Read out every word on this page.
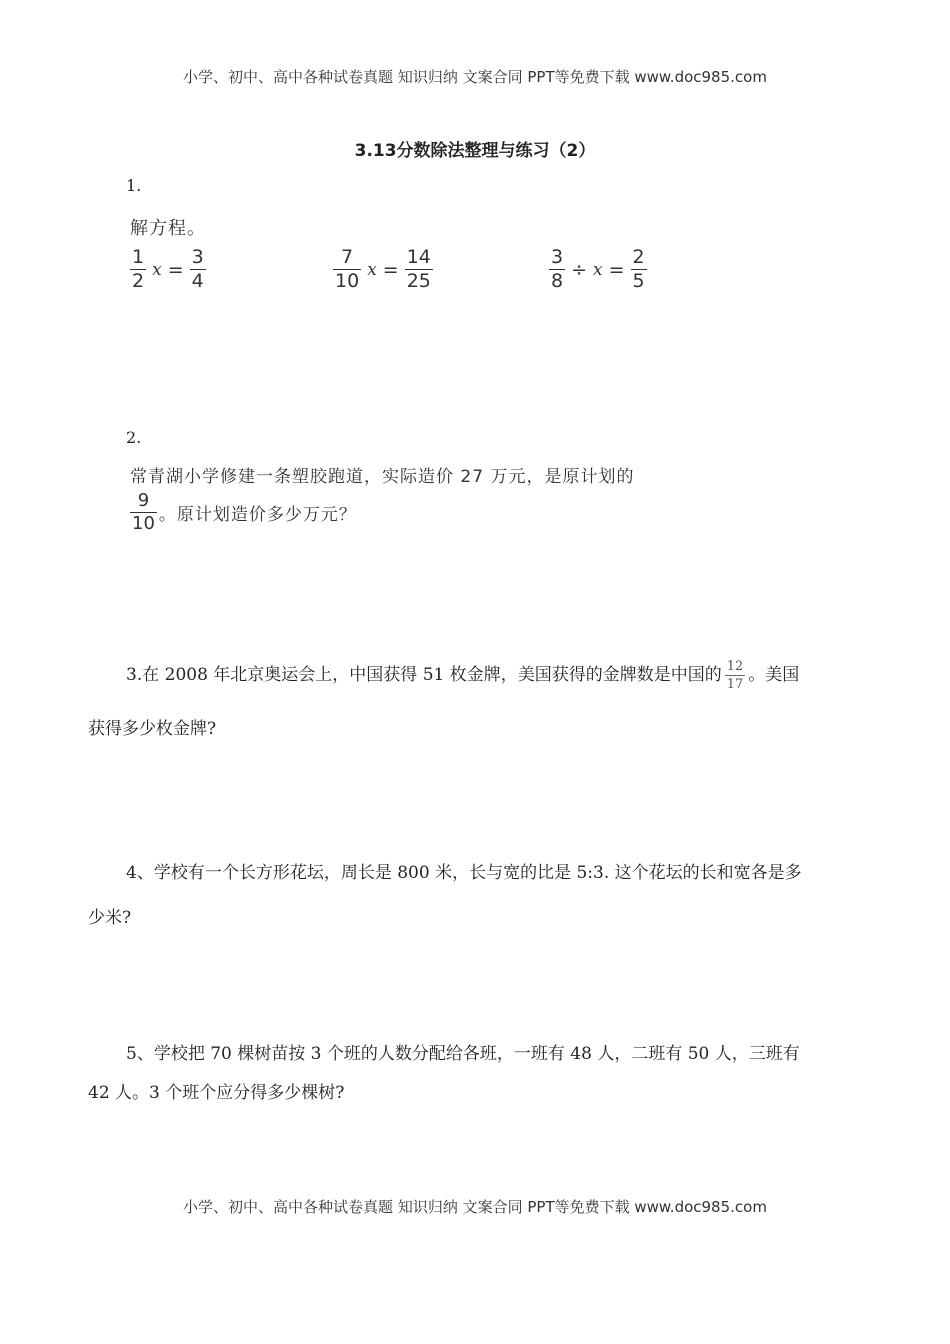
小学、初中、高中各种试卷真题 知识归纳 文案合同 PPT等免费下载 www.doc985.com
3.13分数除法整理与练习（2）
1.
解方程。
$\frac{1}{2}$ $x = \frac{3}{4}$	$\frac{7}{10}$ $x = \frac{14}{25}$	$\frac{3}{8} \div x = \frac{2}{5}$
2.
常青湖小学修建一条塑胶跑道，实际造价 27 万元，是原计划的
$\frac{9}{10}$ 。原计划造价多少万元？
3.在 2008 年北京奥运会上，中国获得 51 枚金牌，美国获得的金牌数是中国的 $\frac{12}{17}$ 。美国
获得多少枚金牌?
4、学校有一个长方形花坛，周长是 800 米，长与宽的比是 5:3. 这个花坛的长和宽各是多
少米?
5、学校把 70 棵树苗按 3 个班的人数分配给各班，一班有 48 人，二班有 50 人，三班有
42 人。3 个班个应分得多少棵树?
小学、初中、高中各种试卷真题 知识归纳 文案合同 PPT等免费下载 www.doc985.com
